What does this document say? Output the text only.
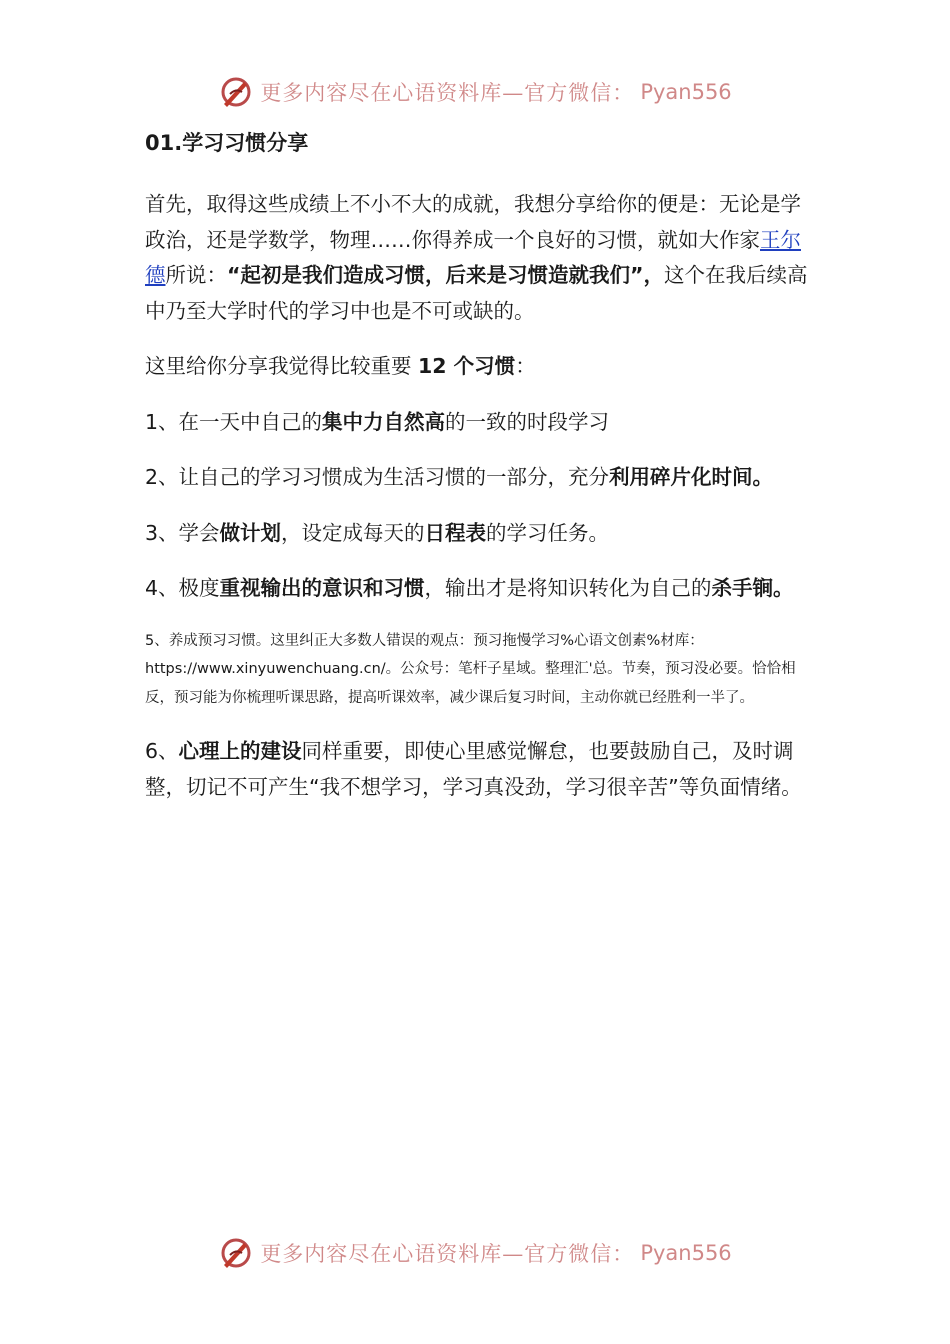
更多内容尽在心语资料库—官方微信： Pyan556
01.学习习惯分享

首先，取得这些成绩上不小不大的成就，我想分享给你的便是：无论是学政治，还是学数学，物理……你得养成一个良好的习惯，就如大作家王尔德所说：“起初是我们造成习惯，后来是习惯造就我们”，这个在我后续高中乃至大学时代的学习中也是不可或缺的。

这里给你分享我觉得比较重要 12 个习惯：

1、在一天中自己的集中力自然高的一致的时段学习

2、让自己的学习习惯成为生活习惯的一部分，充分利用碎片化时间。

3、学会做计划，设定成每天的日程表的学习任务。

4、极度重视输出的意识和习惯，输出才是将知识转化为自己的杀手锏。

5、养成预习习惯。这里纠正大多数人错误的观点：预习拖慢学习%心语文创素%材库：https://www.xinyuwenchuang.cn/。公众号：笔杆子星域。整理汇'总。节奏，预习没必要。恰恰相反，预习能为你梳理听课思路，提高听课效率，减少课后复习时间，主动你就已经胜利一半了。

6、心理上的建设同样重要，即使心里感觉懈怠，也要鼓励自己，及时调整，切记不可产生“我不想学习，学习真没劲，学习很辛苦”等负面情绪。

更多内容尽在心语资料库—官方微信： Pyan556
